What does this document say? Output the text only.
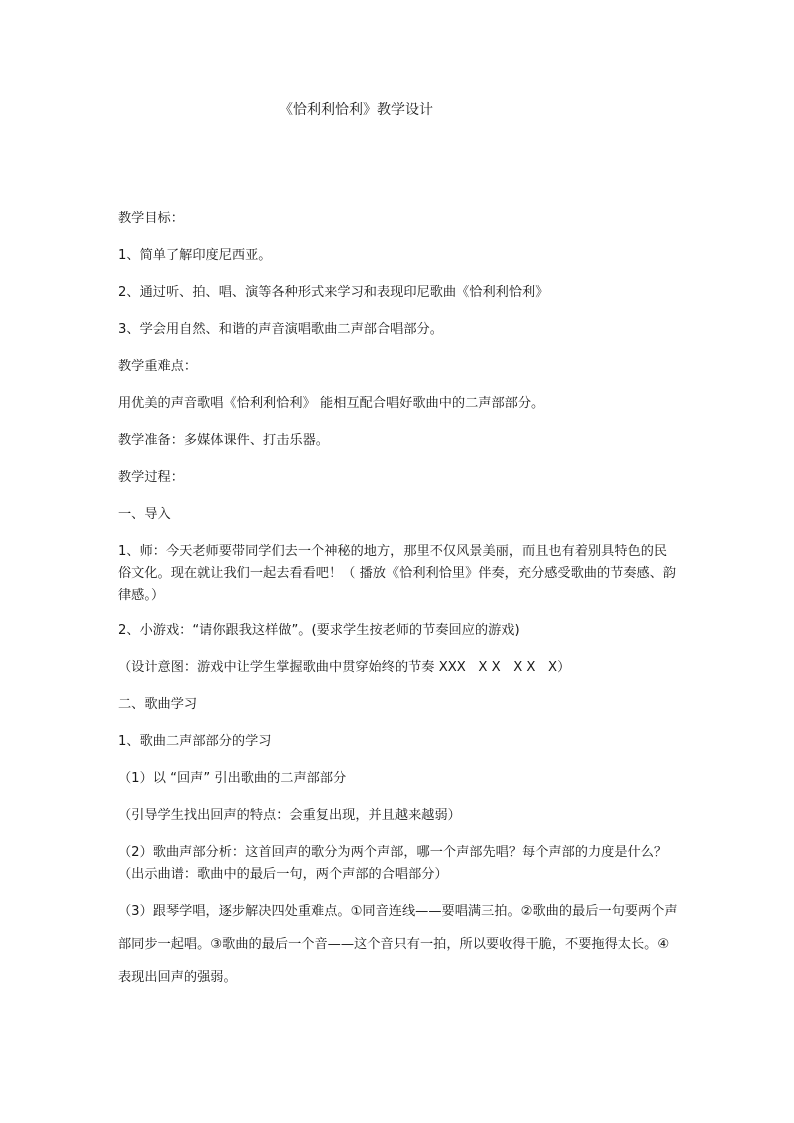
《恰利利恰利》教学设计

教学目标：

1、简单了解印度尼西亚。

2、通过听、拍、唱、演等各种形式来学习和表现印尼歌曲《恰利利恰利》

3、学会用自然、和谐的声音演唱歌曲二声部合唱部分。

教学重难点：

用优美的声音歌唱《恰利利恰利》 能相互配合唱好歌曲中的二声部部分。

教学准备：多媒体课件、打击乐器。

教学过程：

一、导入

1、师：今天老师要带同学们去一个神秘的地方，那里不仅风景美丽，而且也有着别具特色的民俗文化。现在就让我们一起去看看吧！（ 播放《恰利利恰里》伴奏，充分感受歌曲的节奏感、韵律感。）

2、小游戏：“请你跟我这样做”。(要求学生按老师的节奏回应的游戏)

（设计意图：游戏中让学生掌握歌曲中贯穿始终的节奏 XXX   X X   X X   X）

二、歌曲学习

1、歌曲二声部部分的学习

（1）以 “回声” 引出歌曲的二声部部分

（引导学生找出回声的特点：会重复出现，并且越来越弱）

（2）歌曲声部分析：这首回声的歌分为两个声部，哪一个声部先唱？每个声部的力度是什么？（出示曲谱：歌曲中的最后一句，两个声部的合唱部分）

（3）跟琴学唱，逐步解决四处重难点。①同音连线——要唱满三拍。②歌曲的最后一句要两个声部同步一起唱。③歌曲的最后一个音——这个音只有一拍，所以要收得干脆，不要拖得太长。④表现出回声的强弱。
